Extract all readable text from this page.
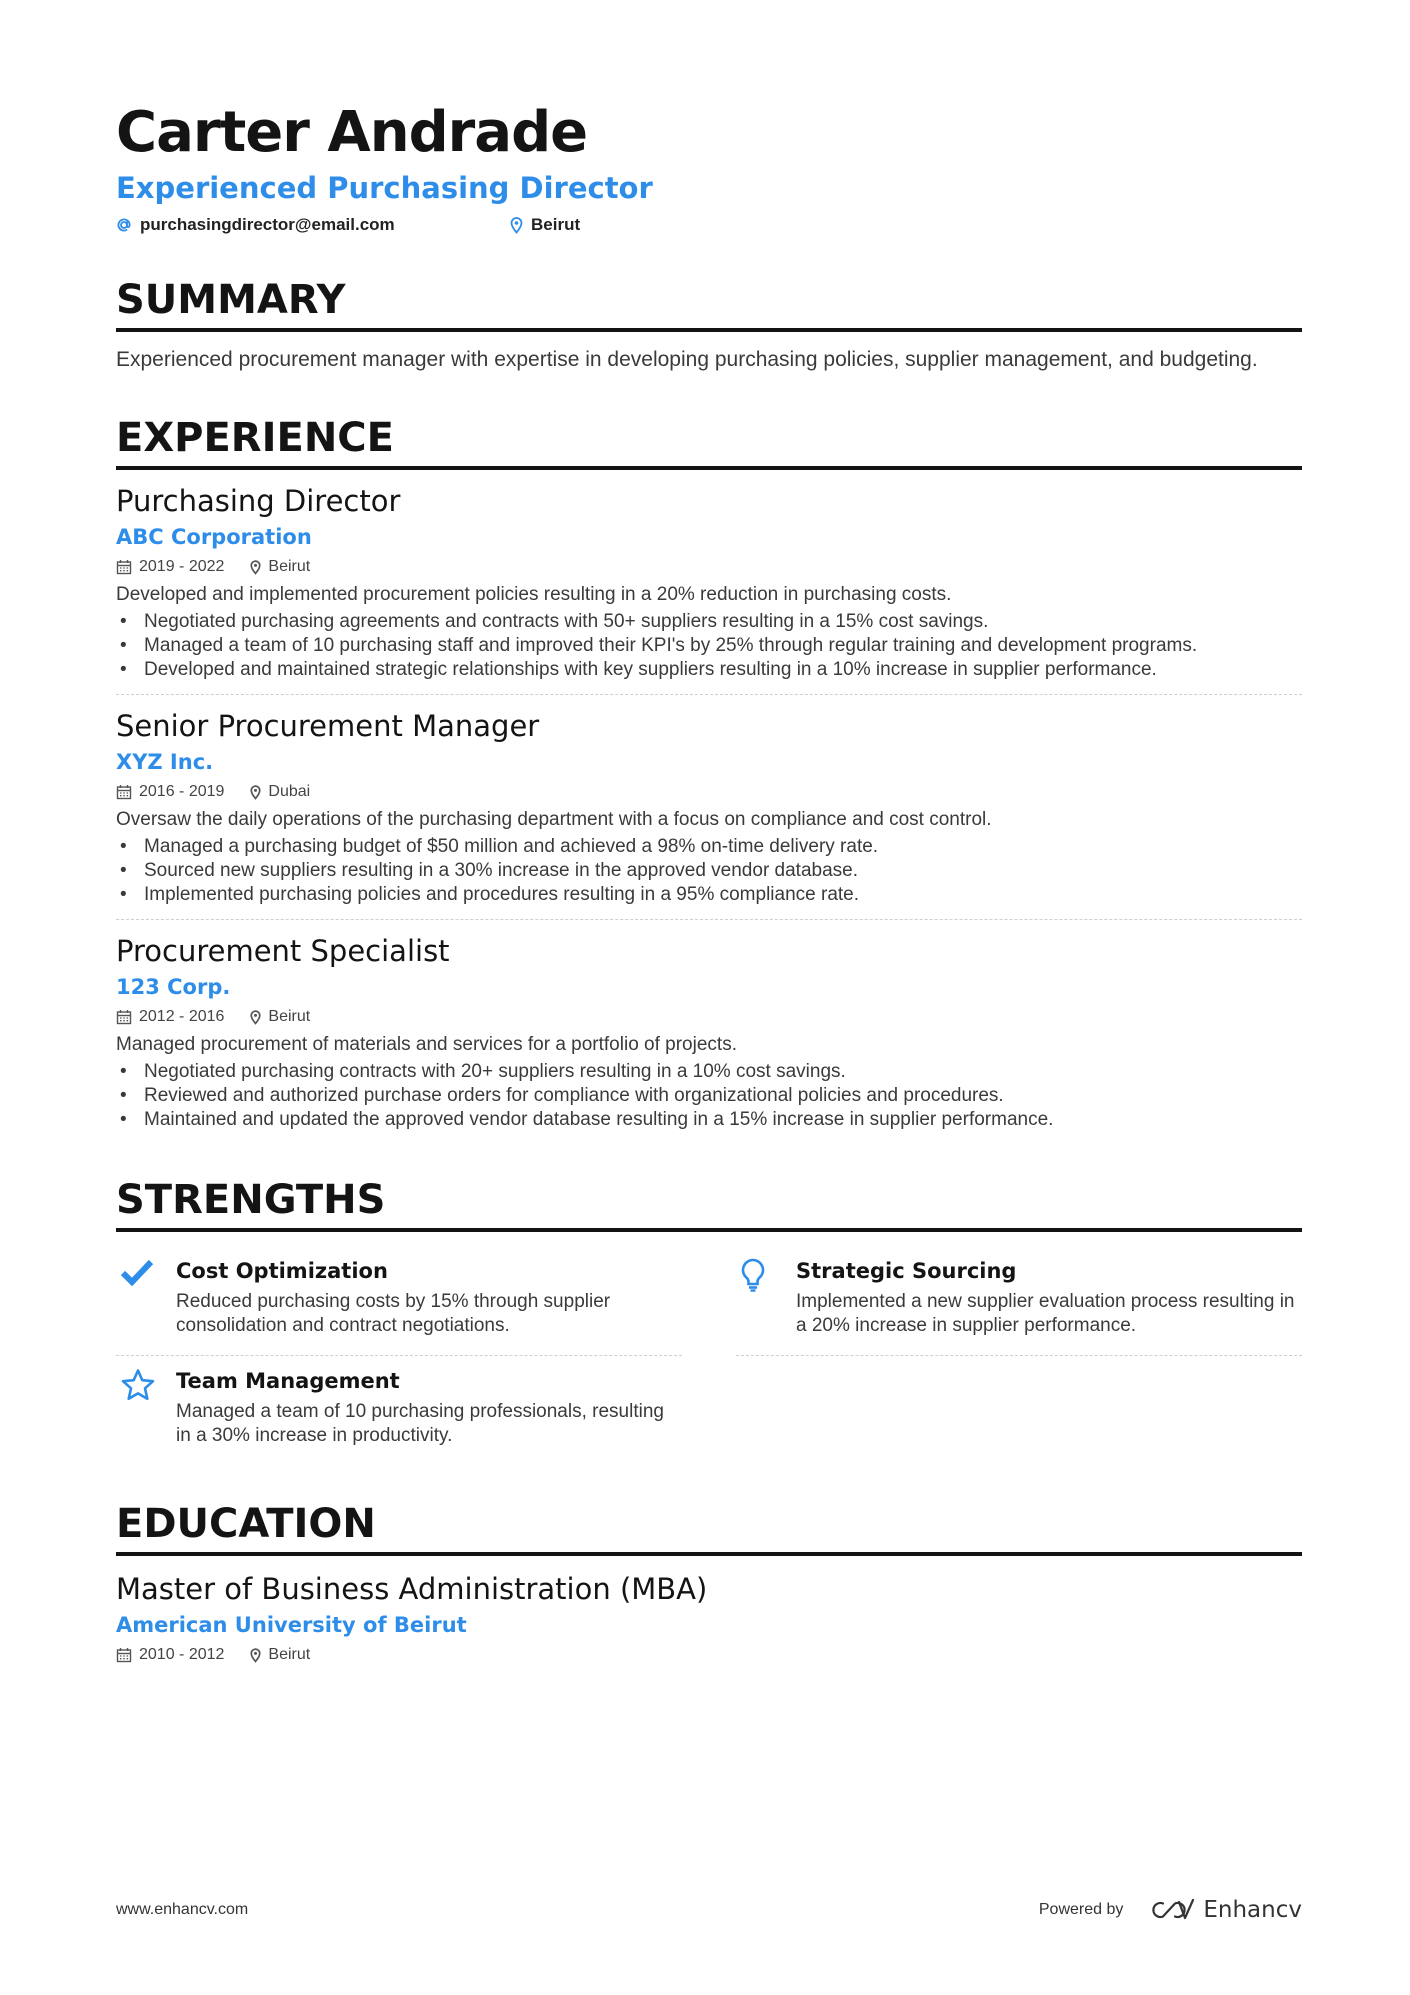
Carter Andrade
Experienced Purchasing Director
purchasingdirector@email.com	Beirut
SUMMARY
Experienced procurement manager with expertise in developing purchasing policies, supplier management, and budgeting.
EXPERIENCE
Purchasing Director
ABC Corporation
2019 - 2022	Beirut
Developed and implemented procurement policies resulting in a 20% reduction in purchasing costs.
• Negotiated purchasing agreements and contracts with 50+ suppliers resulting in a 15% cost savings.
• Managed a team of 10 purchasing staff and improved their KPI's by 25% through regular training and development programs.
• Developed and maintained strategic relationships with key suppliers resulting in a 10% increase in supplier performance.
Senior Procurement Manager
XYZ Inc.
2016 - 2019	Dubai
Oversaw the daily operations of the purchasing department with a focus on compliance and cost control.
• Managed a purchasing budget of $50 million and achieved a 98% on-time delivery rate.
• Sourced new suppliers resulting in a 30% increase in the approved vendor database.
• Implemented purchasing policies and procedures resulting in a 95% compliance rate.
Procurement Specialist
123 Corp.
2012 - 2016	Beirut
Managed procurement of materials and services for a portfolio of projects.
• Negotiated purchasing contracts with 20+ suppliers resulting in a 10% cost savings.
• Reviewed and authorized purchase orders for compliance with organizational policies and procedures.
• Maintained and updated the approved vendor database resulting in a 15% increase in supplier performance.
STRENGTHS
Cost Optimization
Reduced purchasing costs by 15% through supplier consolidation and contract negotiations.
Strategic Sourcing
Implemented a new supplier evaluation process resulting in a 20% increase in supplier performance.
Team Management
Managed a team of 10 purchasing professionals, resulting in a 30% increase in productivity.
EDUCATION
Master of Business Administration (MBA)
American University of Beirut
2010 - 2012	Beirut
www.enhancv.com	Powered by	Enhancv
